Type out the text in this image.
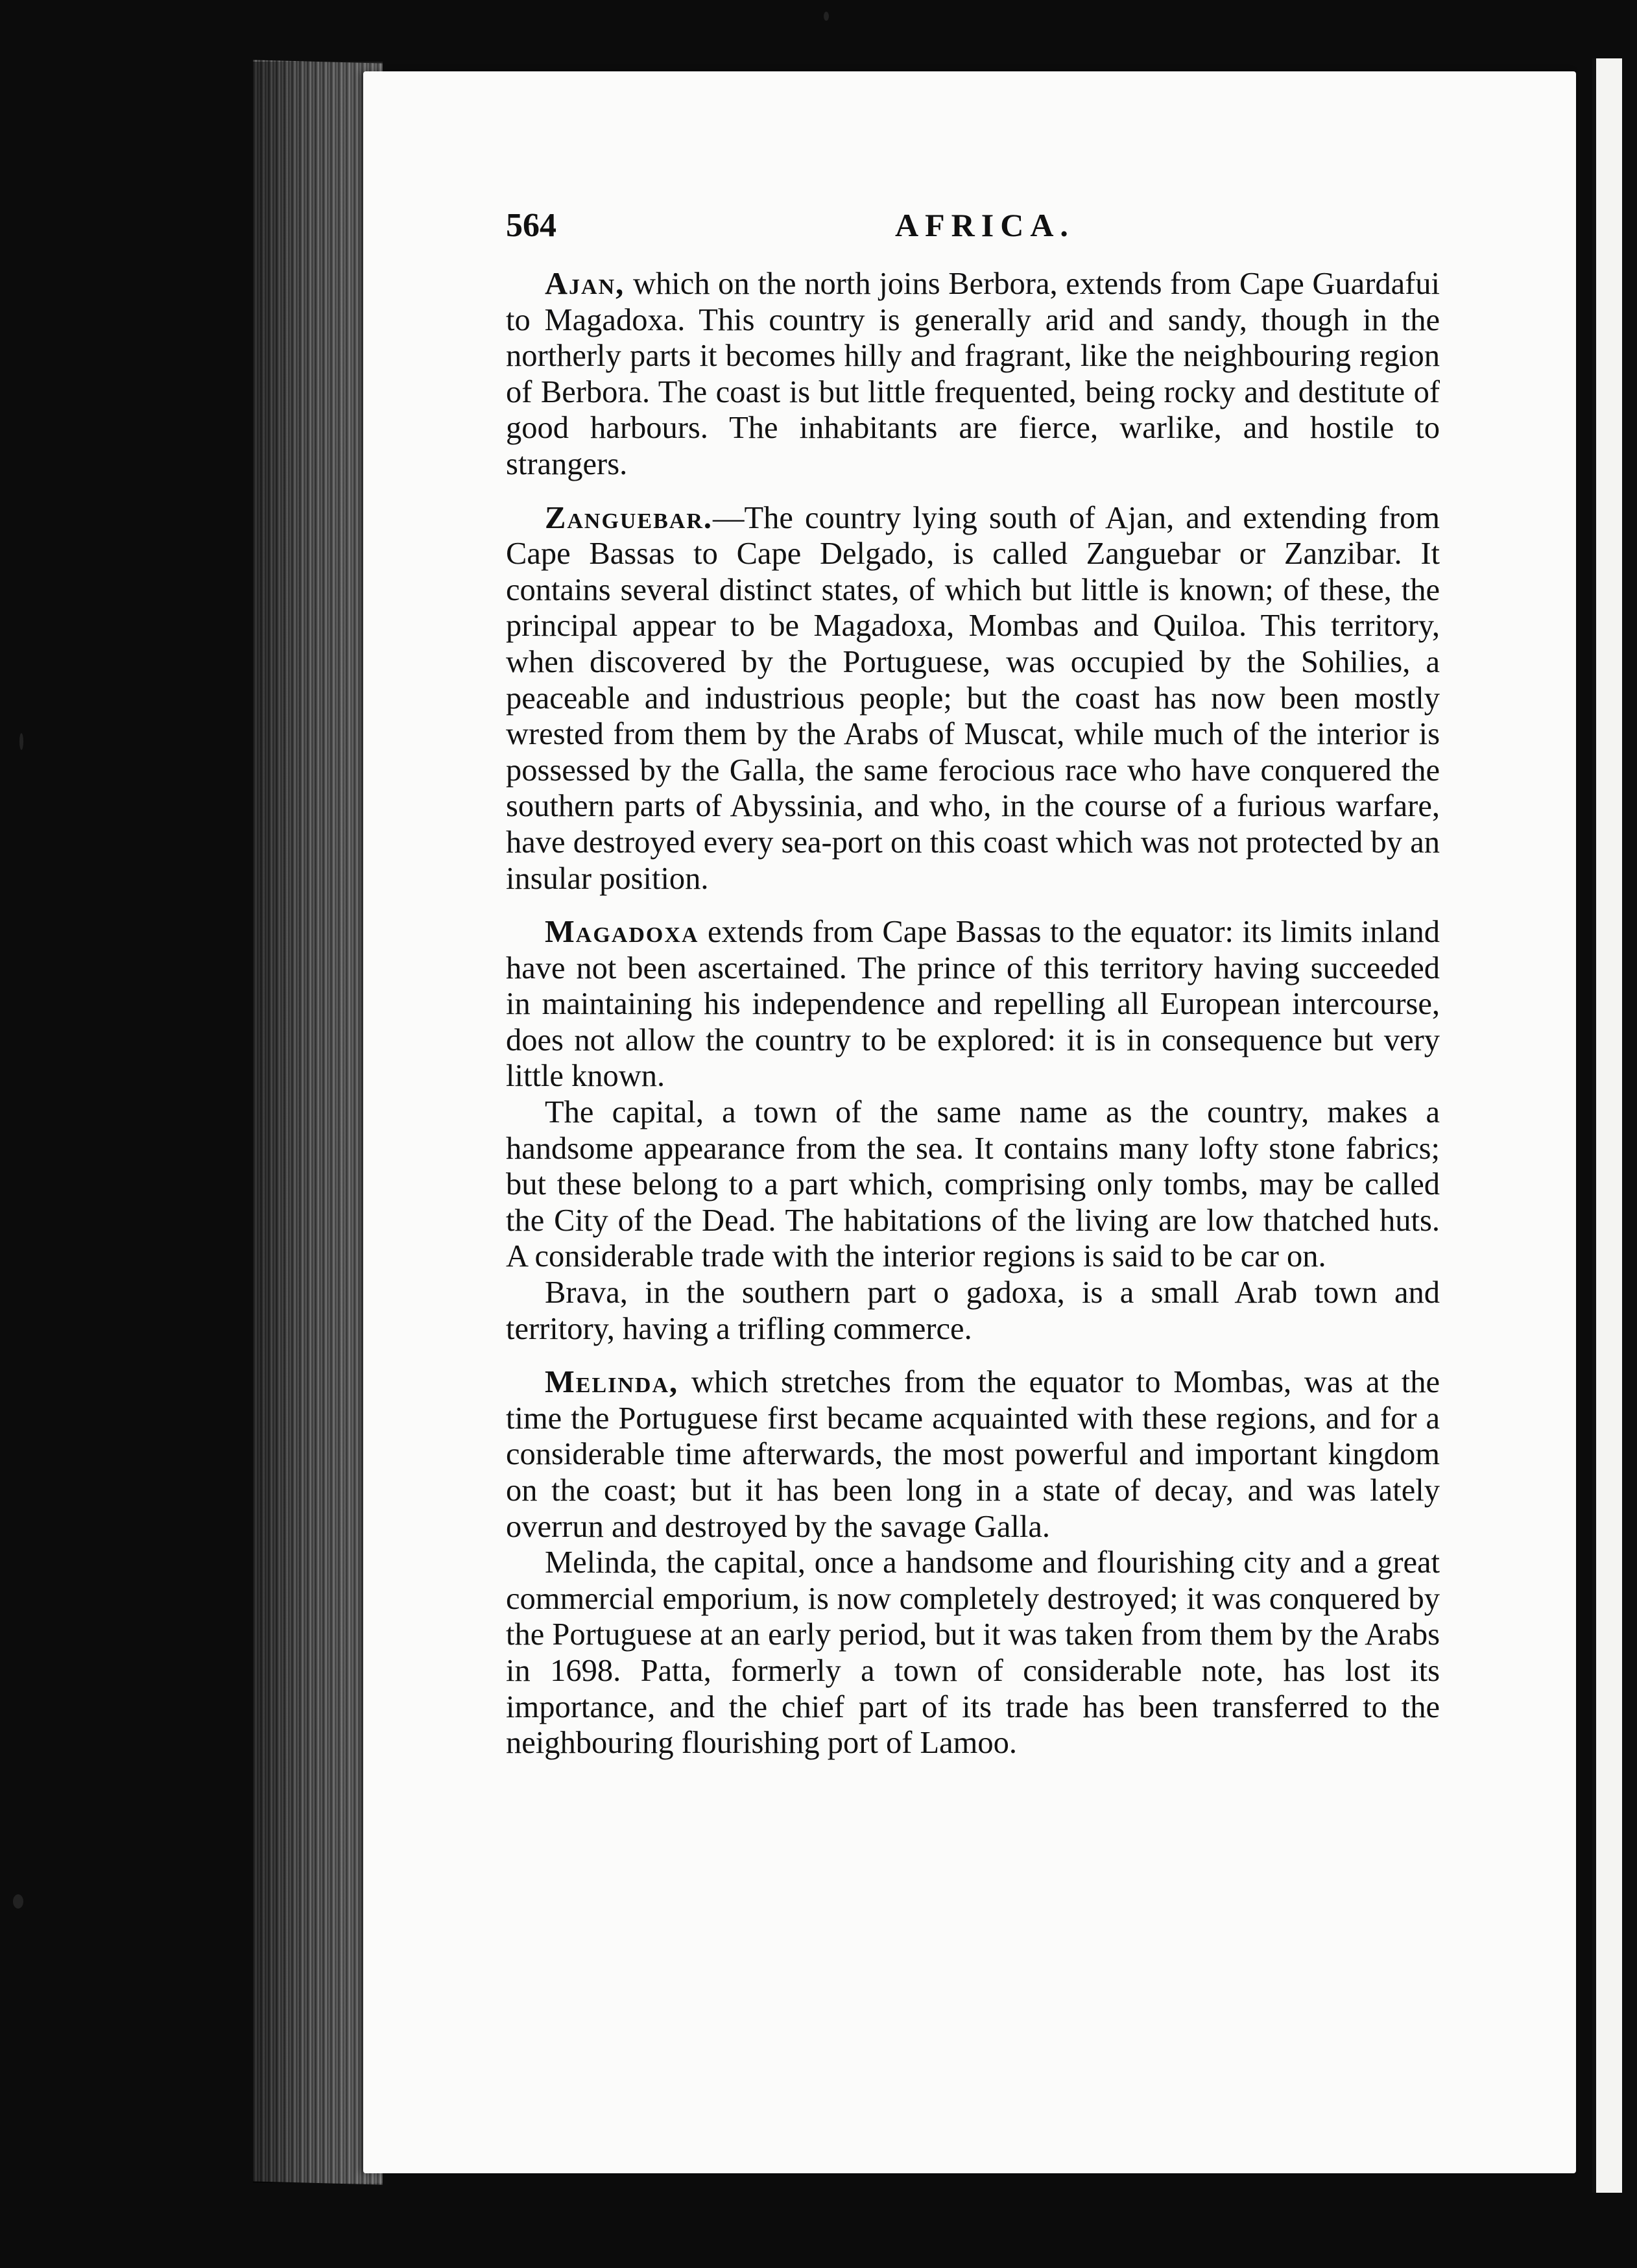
564	AFRICA.

Ajan, which on the north joins Berbora, extends from Cape Guardafui to Magadoxa. This country is generally arid and sandy, though in the northerly parts it becomes hilly and fragrant, like the neighbouring region of Berbora. The coast is but little frequented, being rocky and destitute of good harbours. The inhabitants are fierce, warlike, and hostile to strangers.

Zanguebar.—The country lying south of Ajan, and extending from Cape Bassas to Cape Delgado, is called Zanguebar or Zanzibar. It contains several distinct states, of which but little is known; of these, the principal appear to be Magadoxa, Mombas and Quiloa. This territory, when discovered by the Portuguese, was occupied by the Sohilies, a peaceable and industrious people; but the coast has now been mostly wrested from them by the Arabs of Muscat, while much of the interior is possessed by the Galla, the same ferocious race who have conquered the southern parts of Abyssinia, and who, in the course of a furious warfare, have destroyed every sea-port on this coast which was not protected by an insular position.

Magadoxa extends from Cape Bassas to the equator: its limits inland have not been ascertained. The prince of this territory having succeeded in maintaining his independence and repelling all European intercourse, does not allow the country to be explored: it is in consequence but very little known.

The capital, a town of the same name as the country, makes a handsome appearance from the sea. It contains many lofty stone fabrics; but these belong to a part which, comprising only tombs, may be called the City of the Dead. The habitations of the living are low thatched huts. A considerable trade with the interior regions is said to be car on.

Brava, in the southern part o gadoxa, is a small Arab town and territory, having a trifling commerce.

Melinda, which stretches from the equator to Mombas, was at the time the Portuguese first became acquainted with these regions, and for a considerable time afterwards, the most powerful and important kingdom on the coast; but it has been long in a state of decay, and was lately overrun and destroyed by the savage Galla.

Melinda, the capital, once a handsome and flourishing city and a great commercial emporium, is now completely destroyed; it was conquered by the Portuguese at an early period, but it was taken from them by the Arabs in 1698. Patta, formerly a town of considerable note, has lost its importance, and the chief part of its trade has been transferred to the neighbouring flourishing port of Lamoo.
